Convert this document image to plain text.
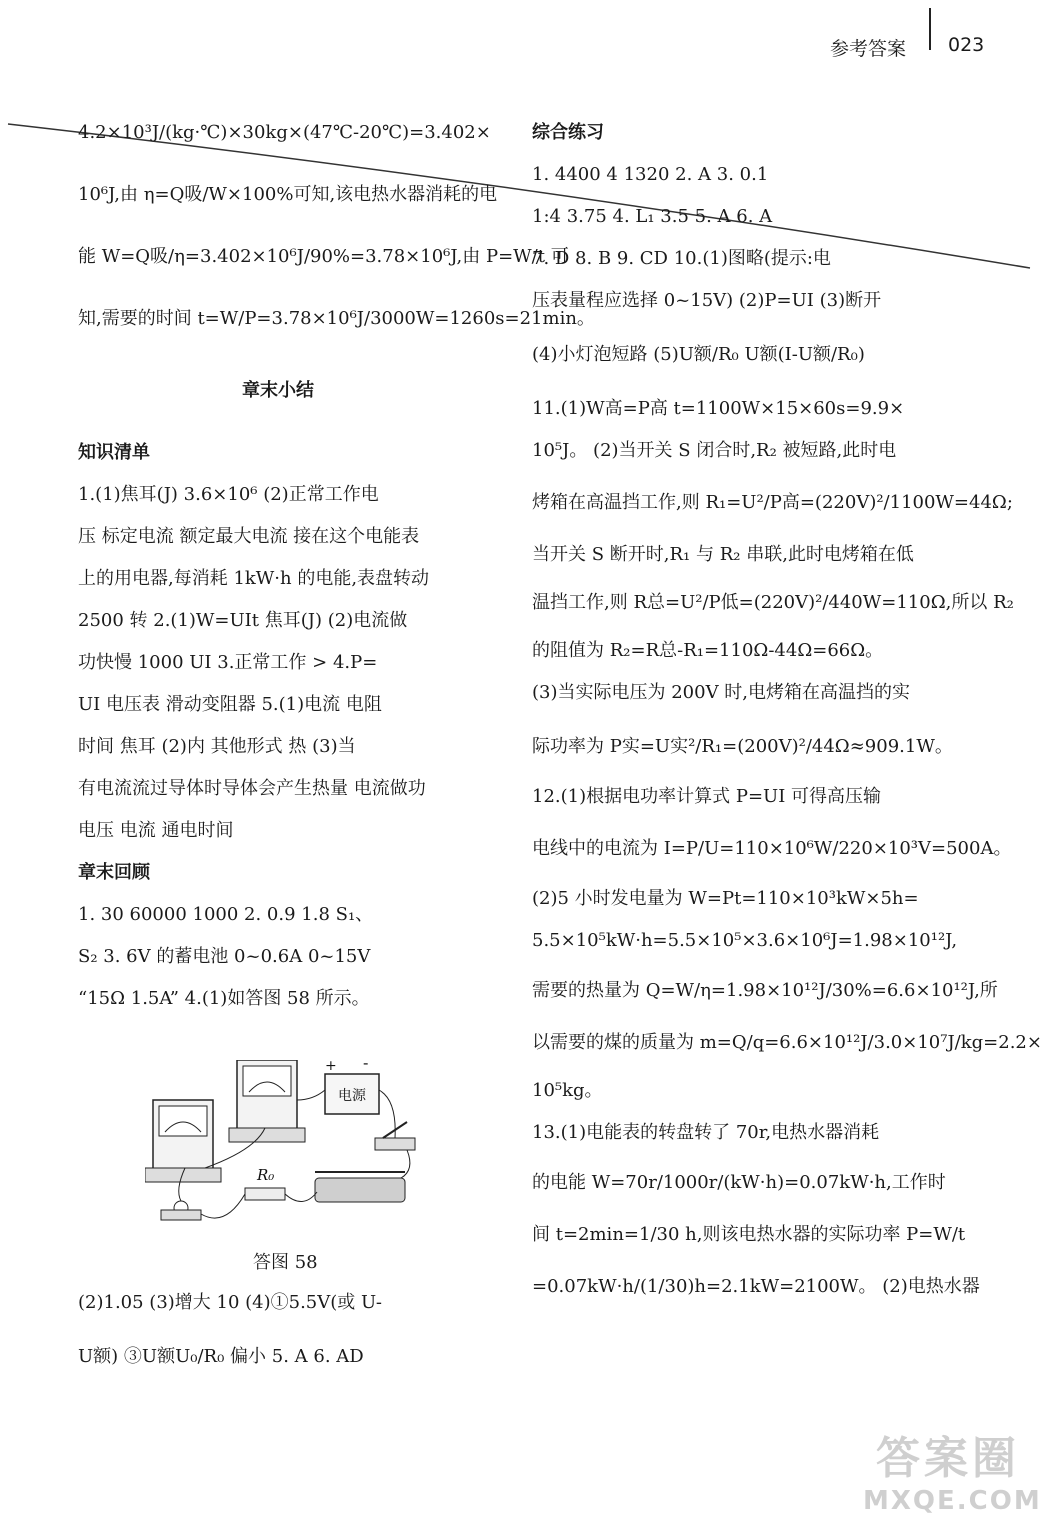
参考答案 023
4.2×10³J/(kg·℃)×30kg×(47℃-20℃)=3.402×
10⁶J,由 η=Q吸/W×100%可知,该电热水器消耗的电
能 W=Q吸/η=3.402×10⁶J/90%=3.78×10⁶J,由 P=W/t 可
知,需要的时间 t=W/P=3.78×10⁶J/3000W=1260s=21min。
章末小结
知识清单
1.(1)焦耳(J) 3.6×10⁶ (2)正常工作电
压 标定电流 额定最大电流 接在这个电能表
上的用电器,每消耗 1kW·h 的电能,表盘转动
2500 转 2.(1)W=UIt 焦耳(J) (2)电流做
功快慢 1000 UI 3.正常工作 > 4.P=
UI 电压表 滑动变阻器 5.(1)电流 电阻
时间 焦耳 (2)内 其他形式 热 (3)当
有电流流过导体时导体会产生热量 电流做功
电压 电流 通电时间
章末回顾
1. 30 60000 1000 2. 0.9 1.8 S₁、
S₂ 3. 6V 的蓄电池 0~0.6A 0~15V
“15Ω 1.5A” 4.(1)如答图 58 所示。
电源
+ -
R₀
答图 58
(2)1.05 (3)增大 10 (4)①5.5V(或 U-
U额) ③U额U₀/R₀ 偏小 5. A 6. AD
综合练习
1. 4400 4 1320 2. A 3. 0.1
1:4 3.75 4. L₁ 3.5 5. A 6. A
7. D 8. B 9. CD 10.(1)图略(提示:电
压表量程应选择 0~15V) (2)P=UI (3)断开
(4)小灯泡短路 (5)U额/R₀ U额(I-U额/R₀)
11.(1)W高=P高 t=1100W×15×60s=9.9×
10⁵J。 (2)当开关 S 闭合时,R₂ 被短路,此时电
烤箱在高温挡工作,则 R₁=U²/P高=(220V)²/1100W=44Ω;
当开关 S 断开时,R₁ 与 R₂ 串联,此时电烤箱在低
温挡工作,则 R总=U²/P低=(220V)²/440W=110Ω,所以 R₂
的阻值为 R₂=R总-R₁=110Ω-44Ω=66Ω。
(3)当实际电压为 200V 时,电烤箱在高温挡的实
际功率为 P实=U实²/R₁=(200V)²/44Ω≈909.1W。
12.(1)根据电功率计算式 P=UI 可得高压输
电线中的电流为 I=P/U=110×10⁶W/220×10³V=500A。
(2)5 小时发电量为 W=Pt=110×10³kW×5h=
5.5×10⁵kW·h=5.5×10⁵×3.6×10⁶J=1.98×10¹²J,
需要的热量为 Q=W/η=1.98×10¹²J/30%=6.6×10¹²J,所
以需要的煤的质量为 m=Q/q=6.6×10¹²J/3.0×10⁷J/kg=2.2×
10⁵kg。
13.(1)电能表的转盘转了 70r,电热水器消耗
的电能 W=70r/1000r/(kW·h)=0.07kW·h,工作时
间 t=2min=1/30 h,则该电热水器的实际功率 P=W/t
=0.07kW·h/(1/30)h=2.1kW=2100W。 (2)电热水器
答案圈
MXQE.COM
